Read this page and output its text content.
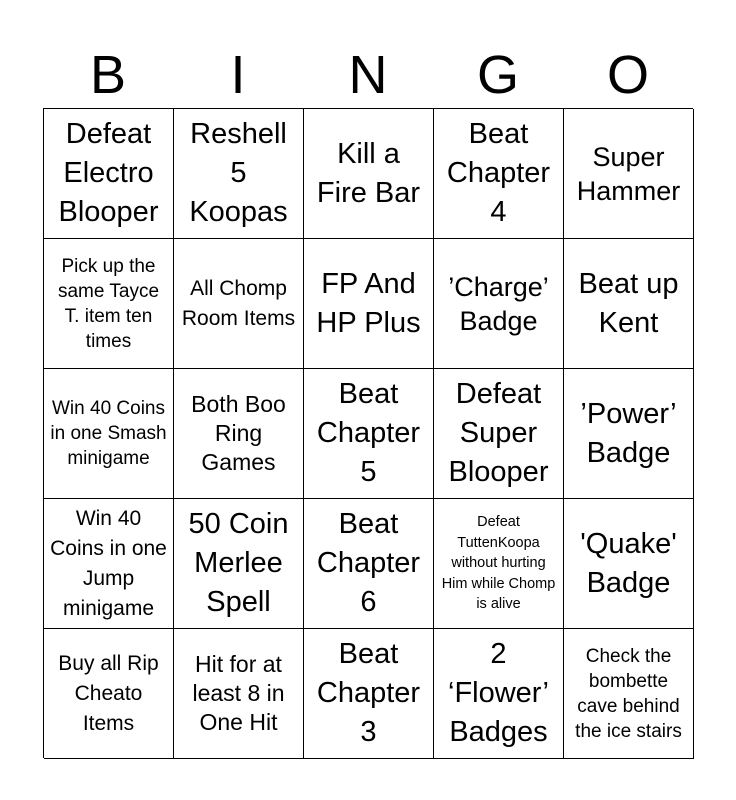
B	I	N	G	O
Defeat Electro Blooper
Reshell 5 Koopas
Kill a Fire Bar
Beat Chapter 4
Super Hammer
Pick up the same Tayce T. item ten times
All Chomp Room Items
FP And HP Plus
’Charge’ Badge
Beat up Kent
Win 40 Coins in one Smash minigame
Both Boo Ring Games
Beat Chapter 5
Defeat Super Blooper
’Power’ Badge
Win 40 Coins in one Jump minigame
50 Coin Merlee Spell
Beat Chapter 6
Defeat TuttenKoopa without hurting Him while Chomp is alive
'Quake' Badge
Buy all Rip Cheato Items
Hit for at least 8 in One Hit
Beat Chapter 3
2 ‘Flower’ Badges
Check the bombette cave behind the ice stairs
